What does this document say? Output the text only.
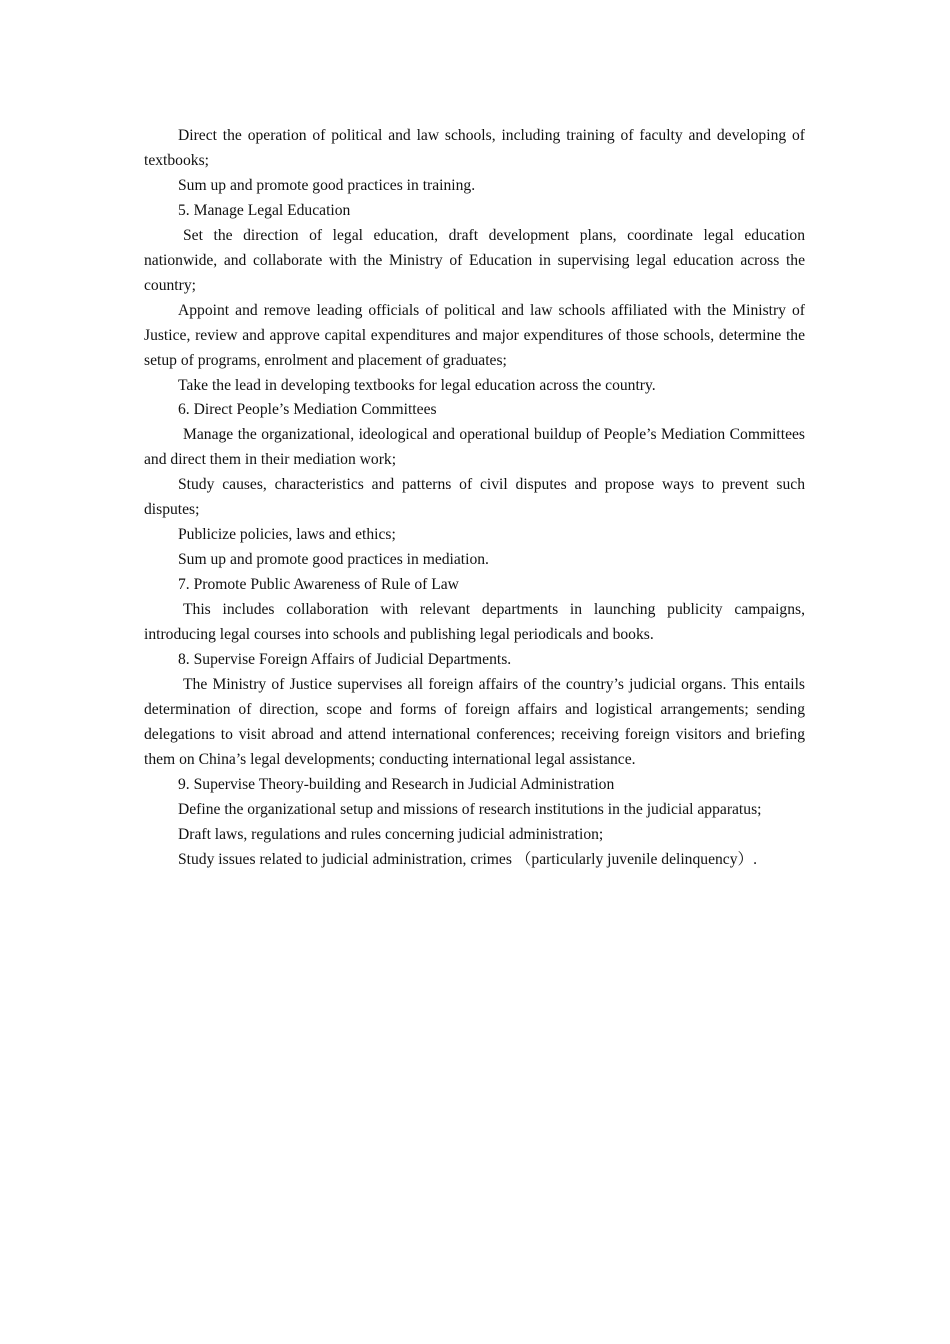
Direct the operation of political and law schools, including training of faculty and developing of textbooks;

Sum up and promote good practices in training.

5. Manage Legal Education

Set the direction of legal education, draft development plans, coordinate legal education nationwide, and collaborate with the Ministry of Education in supervising legal education across the country;

Appoint and remove leading officials of political and law schools affiliated with the Ministry of Justice, review and approve capital expenditures and major expenditures of those schools, determine the setup of programs, enrolment and placement of graduates;

Take the lead in developing textbooks for legal education across the country.

6. Direct People’s Mediation Committees

Manage the organizational, ideological and operational buildup of People’s Mediation Committees and direct them in their mediation work;

Study causes, characteristics and patterns of civil disputes and propose ways to prevent such disputes;

Publicize policies, laws and ethics;

Sum up and promote good practices in mediation.

7. Promote Public Awareness of Rule of Law

This includes collaboration with relevant departments in launching publicity campaigns, introducing legal courses into schools and publishing legal periodicals and books.

8. Supervise Foreign Affairs of Judicial Departments.

The Ministry of Justice supervises all foreign affairs of the country’s judicial organs. This entails determination of direction, scope and forms of foreign affairs and logistical arrangements; sending delegations to visit abroad and attend international conferences; receiving foreign visitors and briefing them on China’s legal developments; conducting international legal assistance.

9. Supervise Theory-building and Research in Judicial Administration

Define the organizational setup and missions of research institutions in the judicial apparatus;

Draft laws, regulations and rules concerning judicial administration;

Study issues related to judicial administration, crimes （particularly juvenile delinquency）.
